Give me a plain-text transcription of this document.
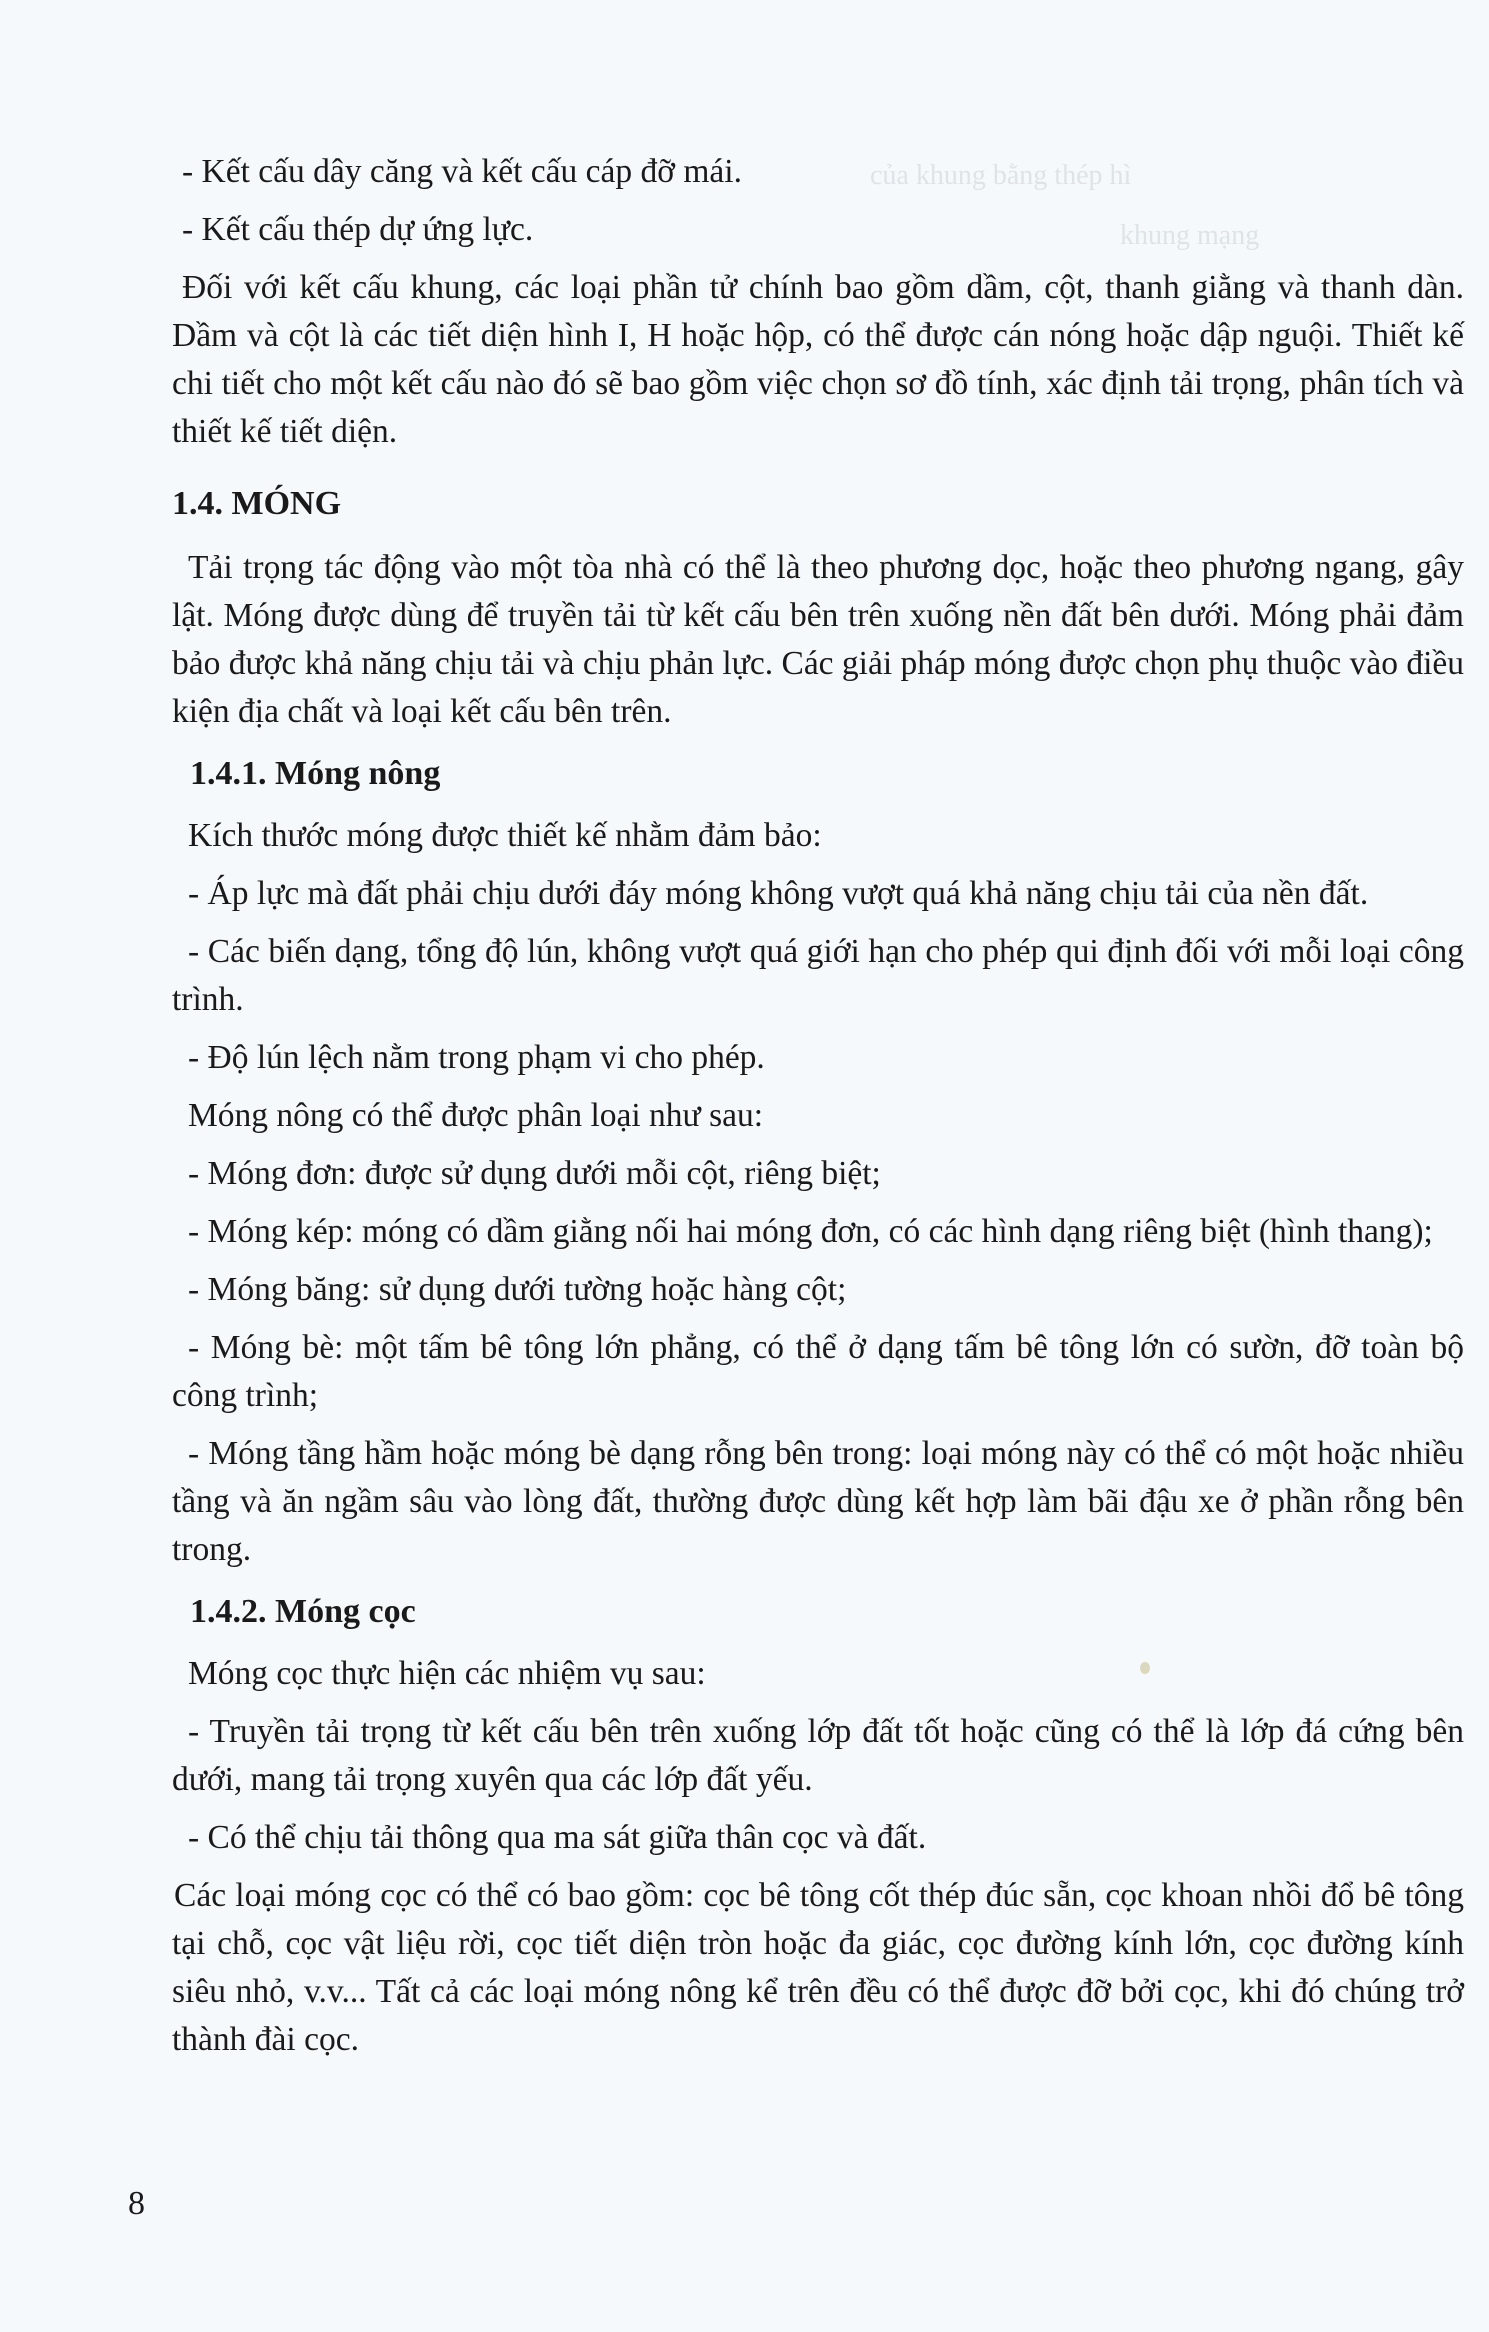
của khung bằng thép hì
khung mạng

- Kết cấu dây căng và kết cấu cáp đỡ mái.

- Kết cấu thép dự ứng lực.

Đối với kết cấu khung, các loại phần tử chính bao gồm dầm, cột, thanh giằng và thanh dàn. Dầm và cột là các tiết diện hình I, H hoặc hộp, có thể được cán nóng hoặc dập nguội. Thiết kế chi tiết cho một kết cấu nào đó sẽ bao gồm việc chọn sơ đồ tính, xác định tải trọng, phân tích và thiết kế tiết diện.

1.4. MÓNG

Tải trọng tác động vào một tòa nhà có thể là theo phương dọc, hoặc theo phương ngang, gây lật. Móng được dùng để truyền tải từ kết cấu bên trên xuống nền đất bên dưới. Móng phải đảm bảo được khả năng chịu tải và chịu phản lực. Các giải pháp móng được chọn phụ thuộc vào điều kiện địa chất và loại kết cấu bên trên.

1.4.1. Móng nông

Kích thước móng được thiết kế nhằm đảm bảo:

- Áp lực mà đất phải chịu dưới đáy móng không vượt quá khả năng chịu tải của nền đất.

- Các biến dạng, tổng độ lún, không vượt quá giới hạn cho phép qui định đối với mỗi loại công trình.

- Độ lún lệch nằm trong phạm vi cho phép.

Móng nông có thể được phân loại như sau:

- Móng đơn: được sử dụng dưới mỗi cột, riêng biệt;

- Móng kép: móng có dầm giằng nối hai móng đơn, có các hình dạng riêng biệt (hình thang);

- Móng băng: sử dụng dưới tường hoặc hàng cột;

- Móng bè: một tấm bê tông lớn phẳng, có thể ở dạng tấm bê tông lớn có sườn, đỡ toàn bộ công trình;

- Móng tầng hầm hoặc móng bè dạng rỗng bên trong: loại móng này có thể có một hoặc nhiều tầng và ăn ngầm sâu vào lòng đất, thường được dùng kết hợp làm bãi đậu xe ở phần rỗng bên trong.

1.4.2. Móng cọc

Móng cọc thực hiện các nhiệm vụ sau:

- Truyền tải trọng từ kết cấu bên trên xuống lớp đất tốt hoặc cũng có thể là lớp đá cứng bên dưới, mang tải trọng xuyên qua các lớp đất yếu.

- Có thể chịu tải thông qua ma sát giữa thân cọc và đất.

Các loại móng cọc có thể có bao gồm: cọc bê tông cốt thép đúc sẵn, cọc khoan nhồi đổ bê tông tại chỗ, cọc vật liệu rời, cọc tiết diện tròn hoặc đa giác, cọc đường kính lớn, cọc đường kính siêu nhỏ, v.v... Tất cả các loại móng nông kể trên đều có thể được đỡ bởi cọc, khi đó chúng trở thành đài cọc.

8
